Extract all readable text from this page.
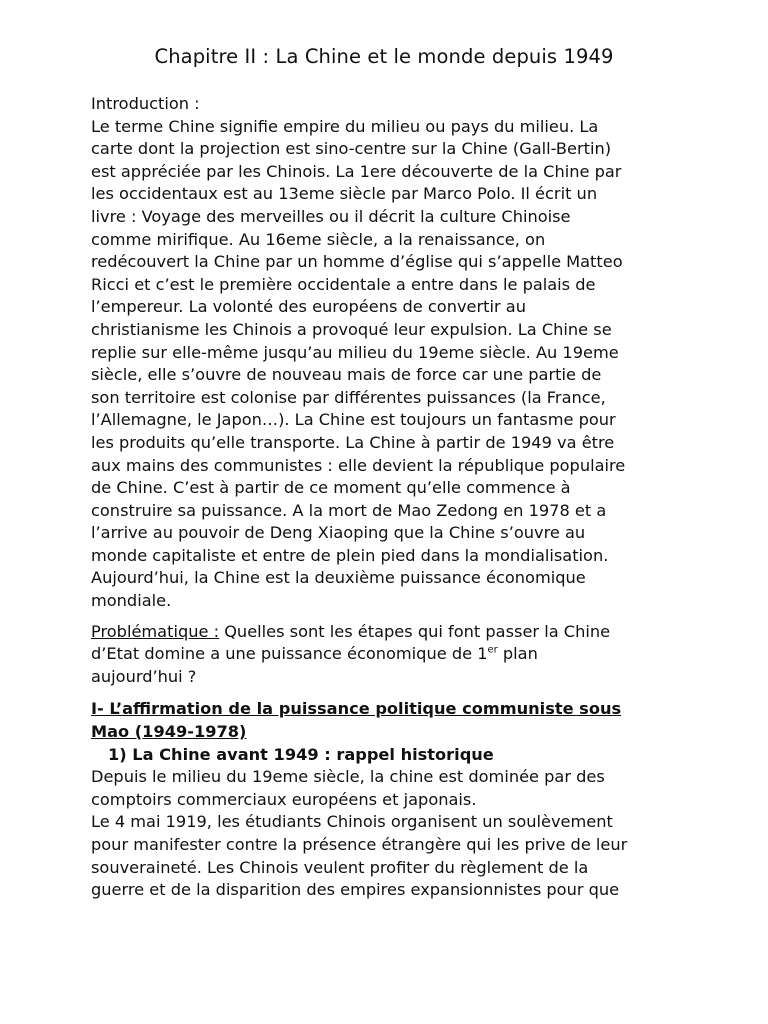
Chapitre II : La Chine et le monde depuis 1949

Introduction :

Le terme Chine signifie empire du milieu ou pays du milieu. La

carte dont la projection est sino-centre sur la Chine (Gall-Bertin)

est appréciée par les Chinois. La 1ere découverte de la Chine par

les occidentaux est au 13eme siècle par Marco Polo. Il écrit un

livre : Voyage des merveilles ou il décrit la culture Chinoise

comme mirifique. Au 16eme siècle, a la renaissance, on

redécouvert la Chine par un homme d’église qui s’appelle Matteo

Ricci et c’est le première occidentale a entre dans le palais de

l’empereur. La volonté des européens de convertir au

christianisme les Chinois a provoqué leur expulsion. La Chine se

replie sur elle-même jusqu’au milieu du 19eme siècle. Au 19eme

siècle, elle s’ouvre de nouveau mais de force car une partie de

son territoire est colonise par différentes puissances (la France,

l’Allemagne, le Japon…). La Chine est toujours un fantasme pour

les produits qu’elle transporte. La Chine à partir de 1949 va être

aux mains des communistes : elle devient la république populaire

de Chine. C’est à partir de ce moment qu’elle commence à

construire sa puissance. A la mort de Mao Zedong en 1978 et a

l’arrive au pouvoir de Deng Xiaoping que la Chine s’ouvre au

monde capitaliste et entre de plein pied dans la mondialisation.

Aujourd’hui, la Chine est la deuxième puissance économique

mondiale.

Problématique : Quelles sont les étapes qui font passer la Chine

d’Etat domine a une puissance économique de 1er plan

aujourd’hui ?

I- L’affirmation de la puissance politique communiste sous

Mao (1949-1978)

1) La Chine avant 1949 : rappel historique

Depuis le milieu du 19eme siècle, la chine est dominée par des

comptoirs commerciaux européens et japonais.

Le 4 mai 1919, les étudiants Chinois organisent un soulèvement

pour manifester contre la présence étrangère qui les prive de leur

souveraineté. Les Chinois veulent profiter du règlement de la

guerre et de la disparition des empires expansionnistes pour que
